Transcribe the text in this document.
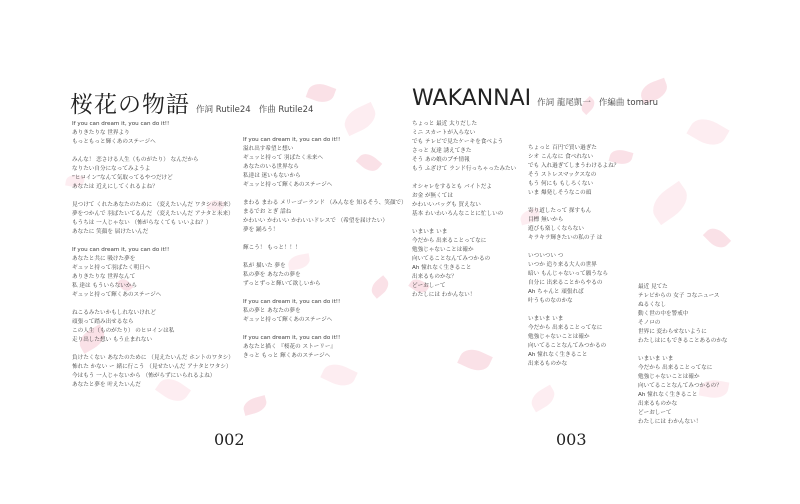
桜花の物語 作詞 Rutile24 作曲 Rutile24
If you can dream it, you can do it!!
ありきたりな 世界より
もっともっと輝くあのステージへ
みんな！ 恋さける人生（ものがたり） なんだから
なりたい自分になってみようよ
“ヒロイン”なんて気取ってるやつだけど
あなたは 近えにしてくれるよね？
見つけて くれたあなたのために （変えたいんだ ワタシの未来）
夢をつかんで 羽ばたいてるんだ （変えたいんだ アナタと未来）
もうちは 一人じゃない （怖がらなくても いいよね？）
あなたに 笑顔を 届けたいんだ
If you can dream it, you can do it!!
あなたと共に 吸けた夢を
ギュッと持って羽ばたく明日へ
ありきたりな 世界なんて
私 達は もういらないから
ギュッと持って輝くあのステージへ
ねこるみたいかもしれないけれど
頑張って踏み出せるなら
この人生（ものがたり） のヒロインは私
走り出した想い もう止まれない
負けたくない あなたのために （見えたいんだ ホントのワタシ）
怖れた かない ー 緒に行こう （見せたいんだ アナタとワタシ）
今はもう 一人じゃないから （怖がらずにいられるよね）
あなたと夢を 叶えたいんだ
If you can dream it, you can do it!!
溢れ出す希望と想い
ギュッと持って 羽ばたく未来へ
あなたのいる世界なら
私達は 迷いもないから
ギュッと持って輝くあのステージへ
まわる まわる メリーゴーランド （みんなを 知るそう、笑顔で）
まるでお とぎ 話ね
かわいい かわいい かわいいドレスで （希望を届けたい）
夢を 踊ろう！
輝こう！ もっと！！！
私が 描いた 夢を
私の夢を あなたの夢を
ずっとずっと輝いて欲しいから
If you can dream it, you can do it!!
私の夢と あなたの夢を
ギュッと持って輝くあのステージへ
If you can dream it, you can do it!!
あなたと描く 『桜花の ストーリー』
きっと もっと 輝くあのステージへ
WAKANNAI 作詞 龍尾凱一 作編曲 tomaru
ちょっと 最近 太りだした
ミニ スカートが入らない
でも テレビで見たケーキを食べよう
さっと 友達 誘えてきた
そう あの娘のプチ情報
もう ふざけて ランド行っちゃったみたい
オシャレをするとも バイトだよ
お金 が無くては
かわいいバッグも 買えない
基本 わいわいろんなことに忙しいの
いまいま いま
今だから 出来ることってなに
勉強じゃないことは確か
向いてることなんてみつかるの
Ah 憧れなく生きること
出来るものかな？
どーおしーて
わたしには わかんない！
ちょっと 百円で買い過ぎた
シオ こんなに 食べれない
でも 入れ過ぎてしまうわけるよね？
そう ストレスマックスなの
もう 何にも もしろくない
いま 爆発しそうなこの頭
寄り道したって 探すもん
目標 無いから
遊びも楽しくならない
キラキラ輝きたいの私の子 は
いついつい つ
いつか 追り来る大人の世界
暗い もんじゃないって願うなら
自分に 出来ることからやるの
Ah ちゃんと 頑張れば
叶うものなのかな
いまいま いま
今だから 出来ることってなに
勉強じゃないことは確か
向いてることなんてみつかるの
Ah 憧れなく生きること
出来るものかな
最近 見てた
テレビからの 女子 コなニュース
ぬるくなし
動く世の中を警戒中
そノロの
世界に 変わらせないように
わたしはにもできることあるのかな
いまいま いま
今だから 出来ることってなに
勉強じゃないことは確か
向いてることなんてみつかるの？
Ah 憧れなく生きること
出来るものかな
どーおしーて
わたしには わかんない！
002	003
